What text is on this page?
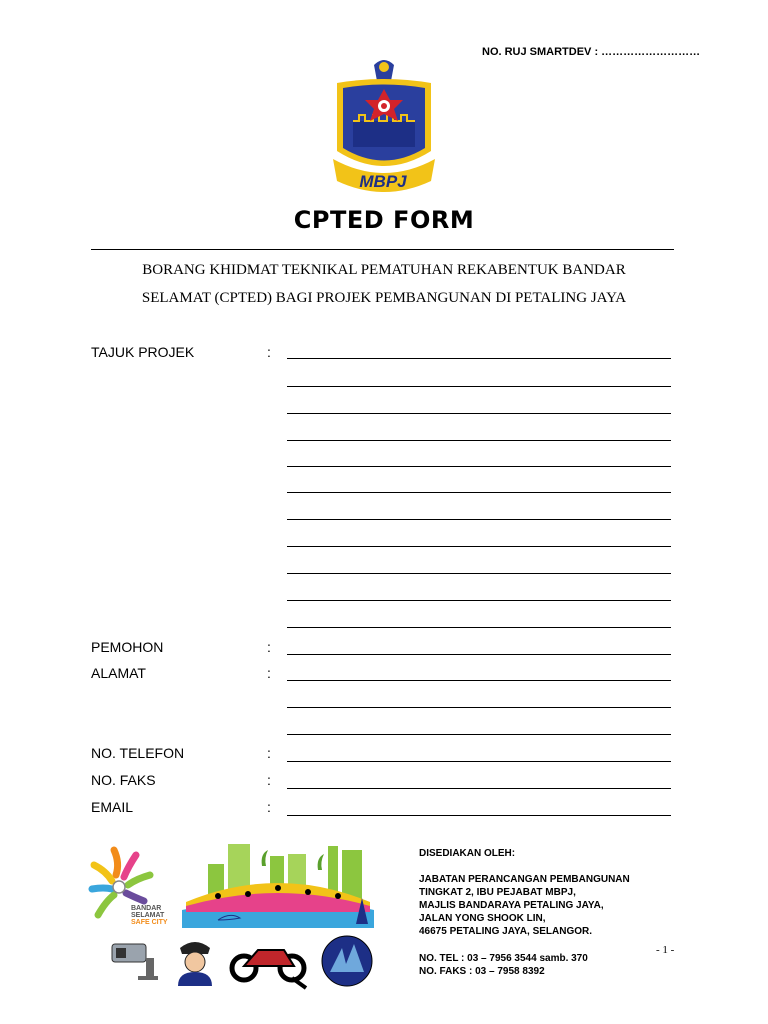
NO. RUJ SMARTDEV : ………………………
MBPJ
CPTED FORM
BORANG KHIDMAT TEKNIKAL PEMATUHAN REKABENTUK BANDAR
SELAMAT (CPTED) BAGI PROJEK PEMBANGUNAN DI PETALING JAYA
TAJUK PROJEK	:
PEMOHON	:
ALAMAT	:
NO. TELEFON	:
NO. FAKS	:
EMAIL	:
BANDAR
SELAMAT
SAFE CITY
DISEDIAKAN OLEH:
JABATAN PERANCANGAN PEMBANGUNAN
TINGKAT 2, IBU PEJABAT MBPJ,
MAJLIS BANDARAYA PETALING JAYA,
JALAN YONG SHOOK LIN,
46675 PETALING JAYA, SELANGOR.
NO. TEL : 03 – 7956 3544 samb. 370
NO. FAKS : 03 – 7958 8392
- 1 -
